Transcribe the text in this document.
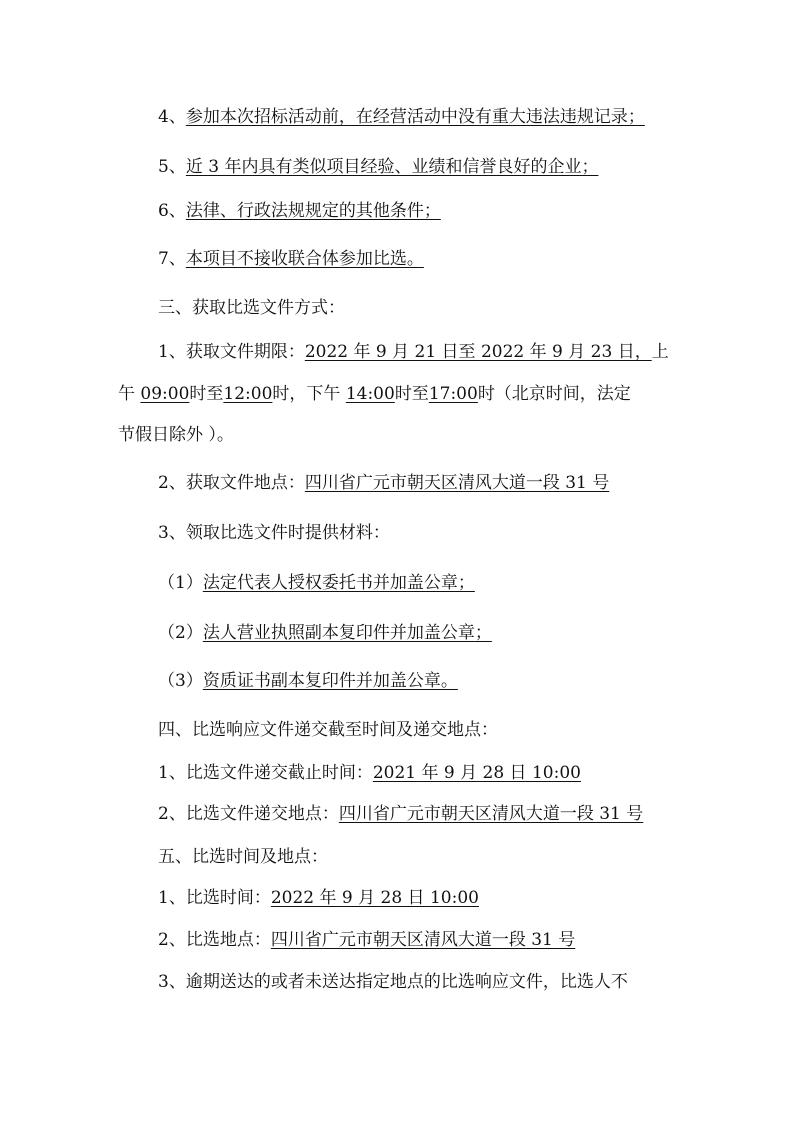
4、参加本次招标活动前，在经营活动中没有重大违法违规记录；
5、近 3 年内具有类似项目经验、业绩和信誉良好的企业；
6、法律、行政法规规定的其他条件；
7、本项目不接收联合体参加比选。
三、获取比选文件方式：
1、获取文件期限：2022 年 9 月 21 日至 2022 年 9 月 23 日，上
午 09:00时至12:00时，下午 14:00时至17:00时（北京时间，法定
节假日除外 ）。
2、获取文件地点：四川省广元市朝天区清风大道一段 31 号
3、领取比选文件时提供材料：
（1）法定代表人授权委托书并加盖公章；
（2）法人营业执照副本复印件并加盖公章；
（3）资质证书副本复印件并加盖公章。
四、比选响应文件递交截至时间及递交地点：
1、比选文件递交截止时间：2021 年 9 月 28 日 10:00
2、比选文件递交地点：四川省广元市朝天区清风大道一段 31 号
五、比选时间及地点：
1、比选时间：2022 年 9 月 28 日 10:00
2、比选地点：四川省广元市朝天区清风大道一段 31 号
3、逾期送达的或者未送达指定地点的比选响应文件，比选人不
